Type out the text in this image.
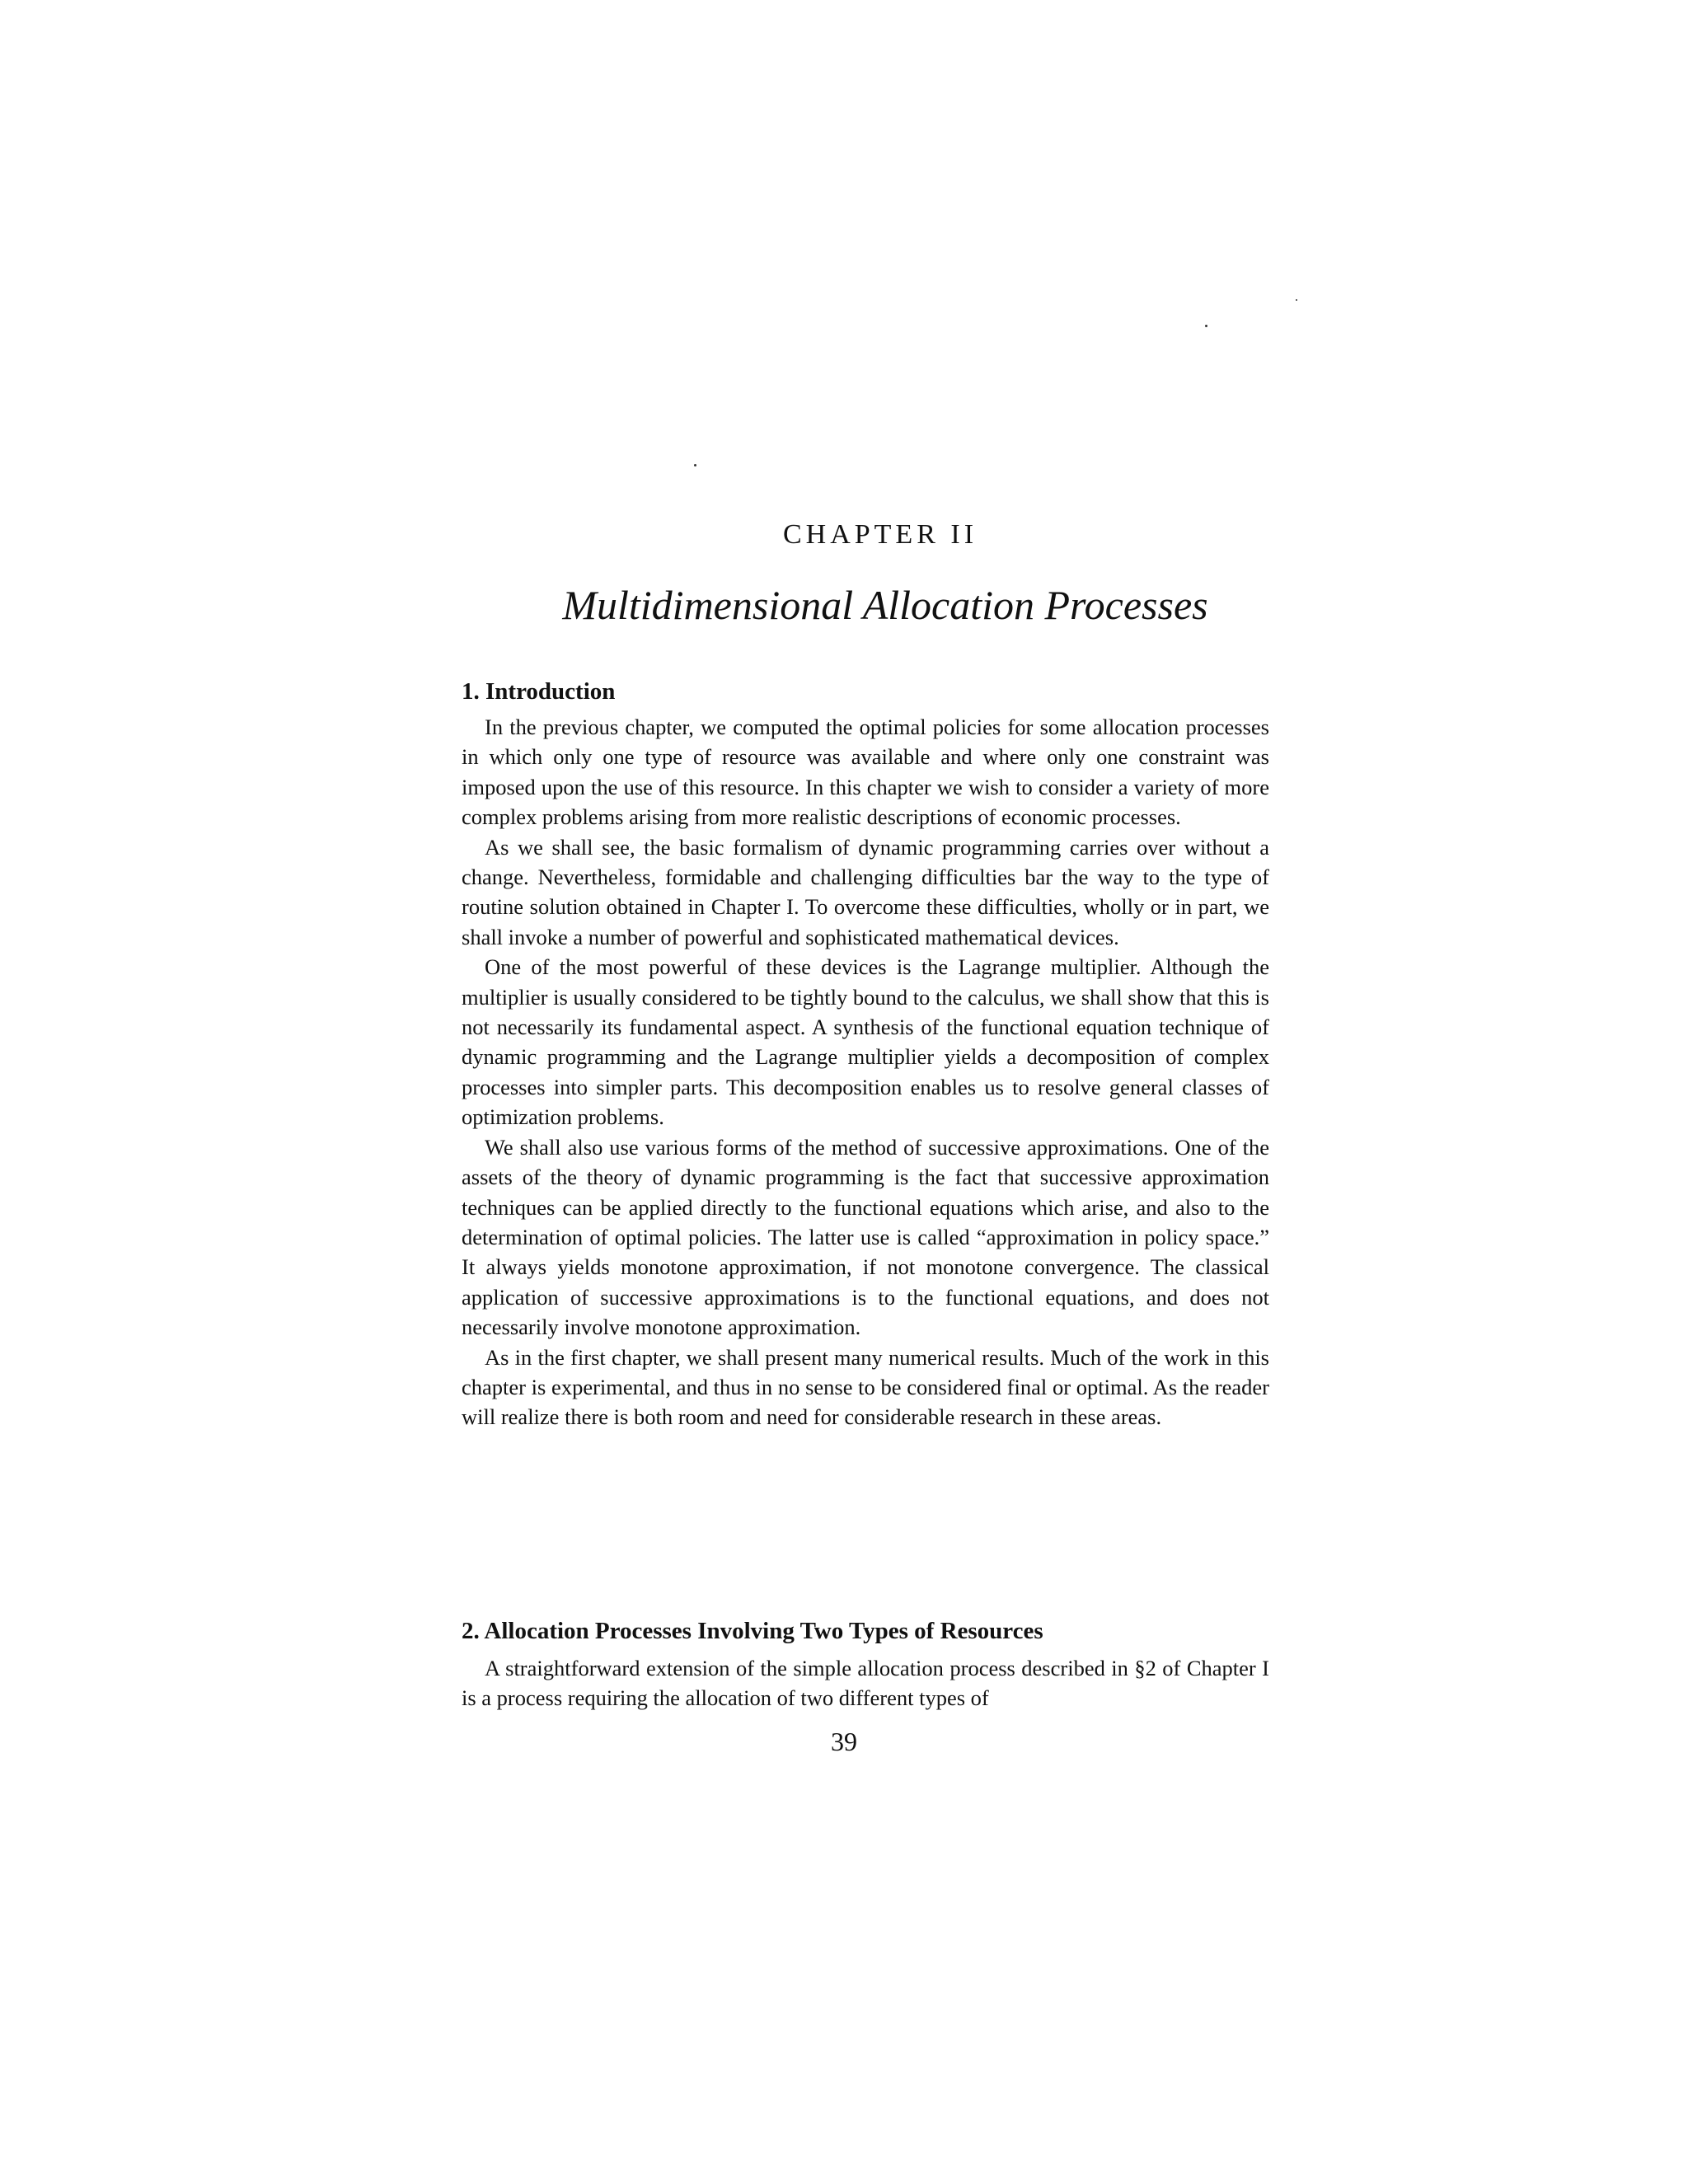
CHAPTER II
Multidimensional Allocation Processes
1. Introduction

In the previous chapter, we computed the optimal policies for some allocation processes in which only one type of resource was available and where only one constraint was imposed upon the use of this resource. In this chapter we wish to consider a variety of more complex problems arising from more realistic descriptions of economic processes.

As we shall see, the basic formalism of dynamic programming carries over without a change. Nevertheless, formidable and challenging difficulties bar the way to the type of routine solution obtained in Chapter I. To overcome these difficulties, wholly or in part, we shall invoke a number of powerful and sophisticated mathematical devices.

One of the most powerful of these devices is the Lagrange multiplier. Although the multiplier is usually considered to be tightly bound to the calculus, we shall show that this is not necessarily its fundamental aspect. A synthesis of the functional equation technique of dynamic programming and the Lagrange multiplier yields a decomposition of complex processes into simpler parts. This decomposition enables us to resolve general classes of optimization problems.

We shall also use various forms of the method of successive approximations. One of the assets of the theory of dynamic programming is the fact that successive approximation techniques can be applied directly to the functional equations which arise, and also to the determination of optimal policies. The latter use is called “approximation in policy space.” It always yields monotone approximation, if not monotone convergence. The classical application of successive approximations is to the functional equations, and does not necessarily involve monotone approximation.

As in the first chapter, we shall present many numerical results. Much of the work in this chapter is experimental, and thus in no sense to be considered final or optimal. As the reader will realize there is both room and need for considerable research in these areas.

2. Allocation Processes Involving Two Types of Resources

A straightforward extension of the simple allocation process described in §2 of Chapter I is a process requiring the allocation of two different types of

39
